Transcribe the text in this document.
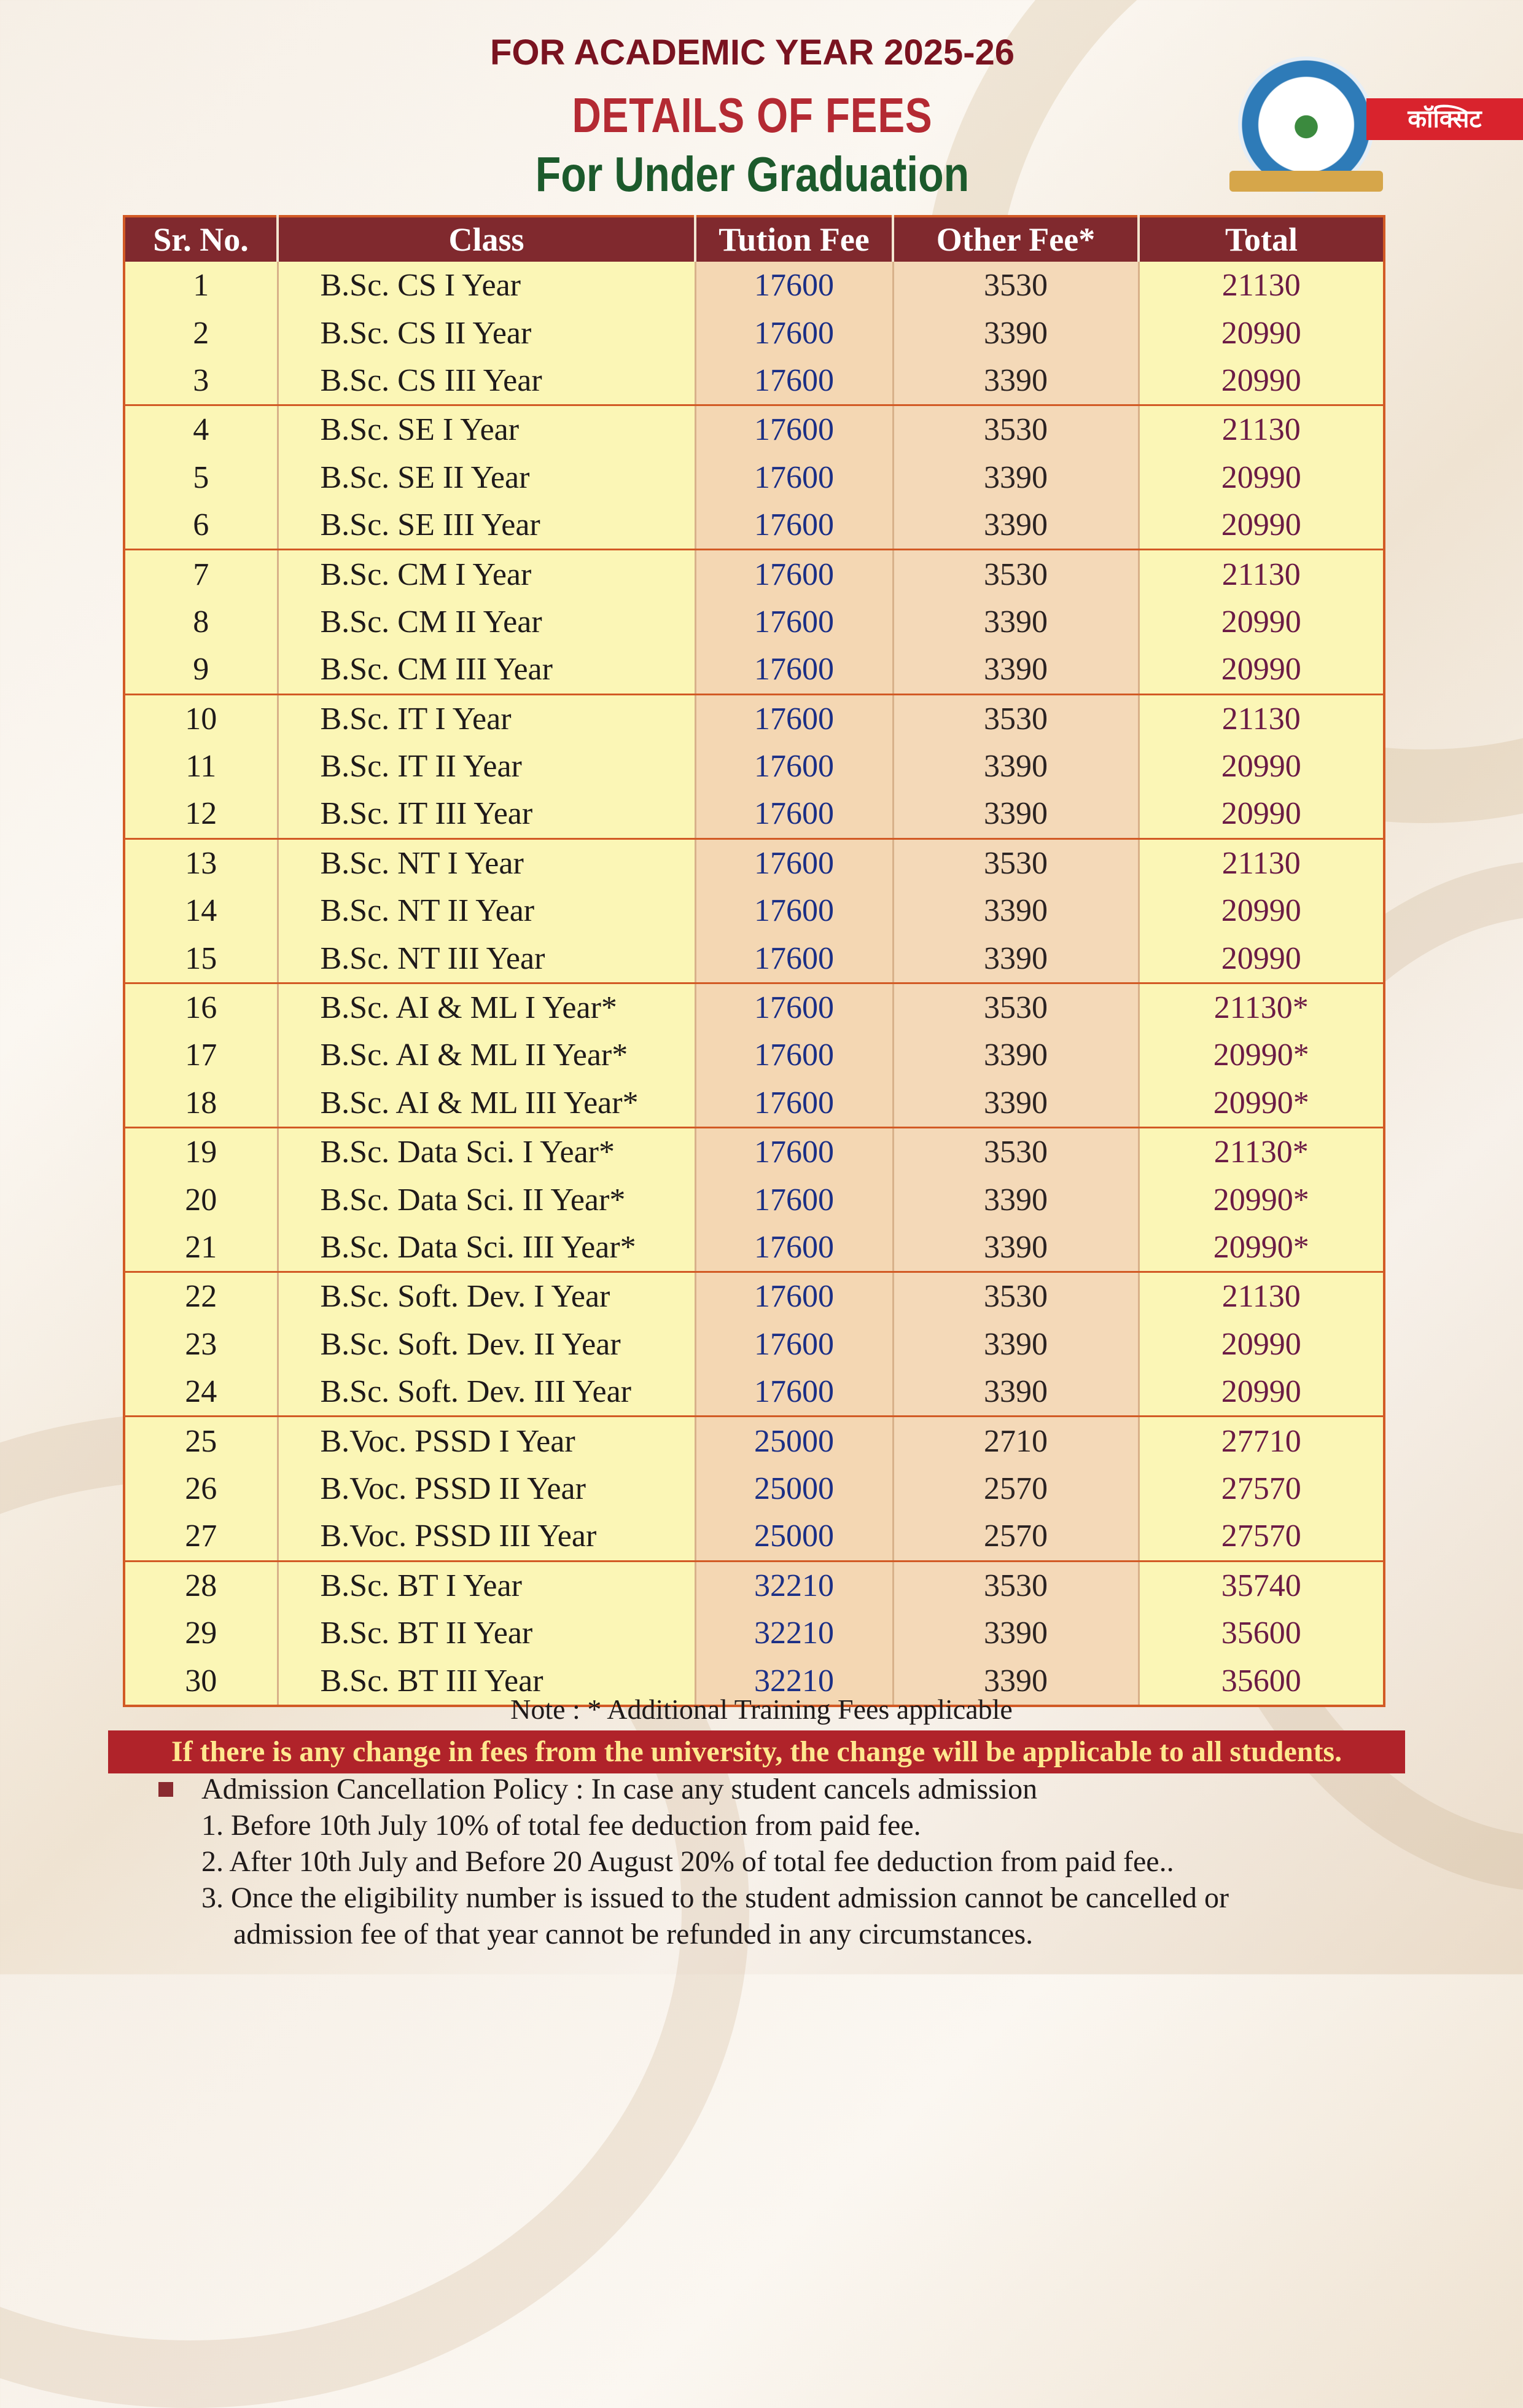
FOR ACADEMIC YEAR 2025-26
DETAILS OF FEES
For Under Graduation
कॉक्सिट
Sr. No.	Class	Tution Fee	Other Fee*	Total
1	B.Sc. CS I Year	17600	3530	21130
2	B.Sc. CS II Year	17600	3390	20990
3	B.Sc. CS III Year	17600	3390	20990
4	B.Sc. SE I Year	17600	3530	21130
5	B.Sc. SE II Year	17600	3390	20990
6	B.Sc. SE III Year	17600	3390	20990
7	B.Sc. CM I Year	17600	3530	21130
8	B.Sc. CM II Year	17600	3390	20990
9	B.Sc. CM III Year	17600	3390	20990
10	B.Sc. IT I Year	17600	3530	21130
11	B.Sc. IT II Year	17600	3390	20990
12	B.Sc. IT III Year	17600	3390	20990
13	B.Sc. NT I Year	17600	3530	21130
14	B.Sc. NT II Year	17600	3390	20990
15	B.Sc. NT III Year	17600	3390	20990
16	B.Sc. AI & ML I Year*	17600	3530	21130*
17	B.Sc. AI & ML II Year*	17600	3390	20990*
18	B.Sc. AI & ML III Year*	17600	3390	20990*
19	B.Sc. Data Sci. I Year*	17600	3530	21130*
20	B.Sc. Data Sci. II Year*	17600	3390	20990*
21	B.Sc. Data Sci. III Year*	17600	3390	20990*
22	B.Sc. Soft. Dev. I Year	17600	3530	21130
23	B.Sc. Soft. Dev. II Year	17600	3390	20990
24	B.Sc. Soft. Dev. III Year	17600	3390	20990
25	B.Voc. PSSD I Year	25000	2710	27710
26	B.Voc. PSSD II Year	25000	2570	27570
27	B.Voc. PSSD III Year	25000	2570	27570
28	B.Sc. BT I Year	32210	3530	35740
29	B.Sc. BT II Year	32210	3390	35600
30	B.Sc. BT III Year	32210	3390	35600
Note : * Additional Training Fees applicable
If there is any change in fees from the university, the change will be applicable to all students.
Admission Cancellation Policy : In case any student cancels admission
1. Before 10th July 10% of total fee deduction from paid fee.
2. After 10th July and Before 20 August 20% of total fee deduction from paid fee..
3. Once the eligibility number is issued to the student admission cannot be cancelled or
admission fee of that year cannot be refunded in any circumstances.
